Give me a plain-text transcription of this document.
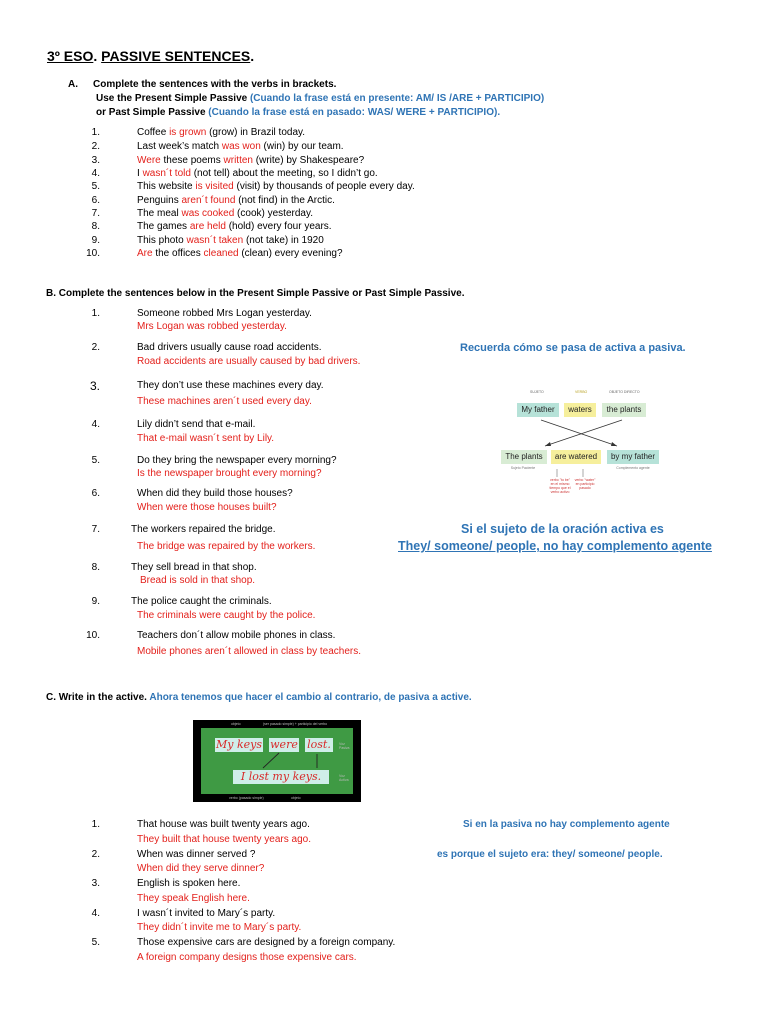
3º ESO. PASSIVE SENTENCES.
A. Complete the sentences with the verbs in brackets.
Use the Present Simple Passive (Cuando la frase está en presente: AM/ IS /ARE + PARTICIPIO)
or Past Simple Passive (Cuando la frase está en pasado: WAS/ WERE + PARTICIPIO).
1.	Coffee is grown (grow) in Brazil today.
2.	Last week’s match was won (win) by our team.
3.	Were these poems written (write) by Shakespeare?
4.	I wasn´t told (not tell) about the meeting, so I didn’t go.
5.	This website is visited (visit) by thousands of people every day.
6.	Penguins aren´t found (not find) in the Arctic.
7.	The meal was cooked (cook) yesterday.
8.	The games are held (hold) every four years.
9.	This photo wasn´t taken (not take) in 1920
10.	Are the offices cleaned (clean) every evening?
B. Complete the sentences below in the Present Simple Passive or Past Simple Passive.
1.	Someone robbed Mrs Logan yesterday.
Mrs Logan was robbed yesterday.
2.	Bad drivers usually cause road accidents.
Road accidents are usually caused by bad drivers.
3.	They don’t use these machines every day.
These machines aren´t used every day.
4.	Lily didn’t send that e-mail.
That e-mail wasn´t sent by Lily.
5.	Do they bring the newspaper every morning?
Is the newspaper brought every morning?
6.	When did they build those houses?
When were those houses built?
7.	The workers repaired the bridge.
The bridge was repaired by the workers.
8.	They sell bread in that shop.
Bread is sold in that shop.
9.	The police caught the criminals.
The criminals were caught by the police.
10.	Teachers don´t allow mobile phones in class.
Mobile phones aren´t allowed in class by teachers.
Recuerda cómo se pasa de activa a pasiva.
Si el sujeto de la oración activa es
They/ someone/ people, no hay complemento agente
SUJETO	VERBO	OBJETO DIRECTO
My father	waters	the plants
The plants	are watered	by my father
Sujeto Paciente
verbo "to be" en el mismo tiempo que el verbo activo
verbo "water" en participio pasado
Complemento agente
C. Write in the active. Ahora tenemos que hacer el cambio al contrario, de pasiva a active.
objeto	(ser pasado simple) + participio del verbo
My keys were lost.
I lost my keys.
Voz Pasiva
Voz Activa
verbo (pasado simple)	objeto
1.	That house was built twenty years ago.
They built that house twenty years ago.
2.	When was dinner served ?
When did they serve dinner?
3.	English is spoken here.
They speak English here.
4.	I wasn´t invited to Mary´s party.
They didn´t invite me to Mary´s party.
5.	Those expensive cars are designed by a foreign company.
A foreign company designs those expensive cars.
Si en la pasiva no hay complemento agente
es porque el sujeto era: they/ someone/ people.
